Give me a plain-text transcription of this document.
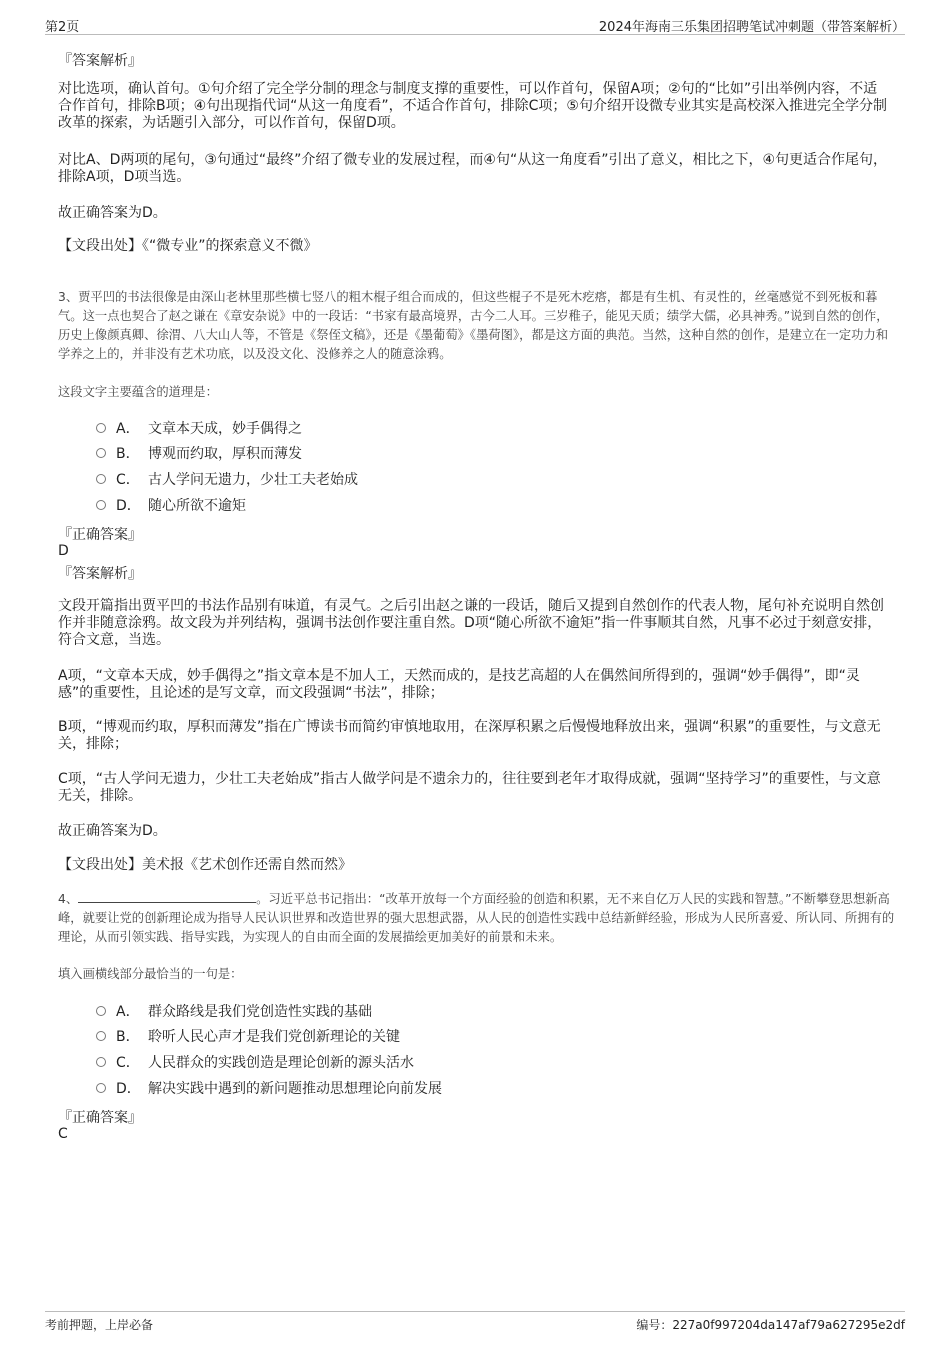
第2页	2024年海南三乐集团招聘笔试冲刺题（带答案解析）
『答案解析』

对比选项，确认首句。①句介绍了完全学分制的理念与制度支撑的重要性，可以作首句，保留A项；②句的“比如”引出举例内容，不适合作首句，排除B项；④句出现指代词“从这一角度看”，不适合作首句，排除C项；⑤句介绍开设微专业其实是高校深入推进完全学分制改革的探索，为话题引入部分，可以作首句，保留D项。

对比A、D两项的尾句，③句通过“最终”介绍了微专业的发展过程，而④句“从这一角度看”引出了意义，相比之下，④句更适合作尾句，排除A项，D项当选。

故正确答案为D。

【文段出处】《“微专业”的探索意义不微》

3、贾平凹的书法很像是由深山老林里那些横七竖八的粗木棍子组合而成的，但这些棍子不是死木疙瘩，都是有生机、有灵性的，丝毫感觉不到死板和暮气。这一点也契合了赵之谦在《章安杂说》中的一段话：“书家有最高境界，古今二人耳。三岁稚子，能见天质；绩学大儒，必具神秀。”说到自然的创作，历史上像颜真卿、徐渭、八大山人等，不管是《祭侄文稿》，还是《墨葡萄》《墨荷图》，都是这方面的典范。当然，这种自然的创作，是建立在一定功力和学养之上的，并非没有艺术功底，以及没文化、没修养之人的随意涂鸦。

这段文字主要蕴含的道理是：

A． 文章本天成，妙手偶得之
B． 博观而约取，厚积而薄发
C． 古人学问无遗力，少壮工夫老始成
D． 随心所欲不逾矩
『正确答案』
D
『答案解析』

文段开篇指出贾平凹的书法作品别有味道，有灵气。之后引出赵之谦的一段话，随后又提到自然创作的代表人物，尾句补充说明自然创作并非随意涂鸦。故文段为并列结构，强调书法创作要注重自然。D项“随心所欲不逾矩”指一件事顺其自然，凡事不必过于刻意安排，符合文意，当选。

A项，“文章本天成，妙手偶得之”指文章本是不加人工，天然而成的，是技艺高超的人在偶然间所得到的，强调“妙手偶得”，即“灵感”的重要性，且论述的是写文章，而文段强调“书法”，排除；

B项，“博观而约取，厚积而薄发”指在广博读书而简约审慎地取用，在深厚积累之后慢慢地释放出来，强调“积累”的重要性，与文意无关，排除；

C项，“古人学问无遗力，少壮工夫老始成”指古人做学问是不遗余力的，往往要到老年才取得成就，强调“坚持学习”的重要性，与文意无关，排除。

故正确答案为D。

【文段出处】美术报《艺术创作还需自然而然》

4、	。习近平总书记指出：“改革开放每一个方面经验的创造和积累，无不来自亿万人民的实践和智慧。”不断攀登思想新高峰，就要让党的创新理论成为指导人民认识世界和改造世界的强大思想武器，从人民的创造性实践中总结新鲜经验，形成为人民所喜爱、所认同、所拥有的理论，从而引领实践、指导实践，为实现人的自由而全面的发展描绘更加美好的前景和未来。

填入画横线部分最恰当的一句是：

A． 群众路线是我们党创造性实践的基础
B． 聆听人民心声才是我们党创新理论的关键
C． 人民群众的实践创造是理论创新的源头活水
D． 解决实践中遇到的新问题推动思想理论向前发展
『正确答案』
C
考前押题，上岸必备	编号：227a0f997204da147af79a627295e2df
